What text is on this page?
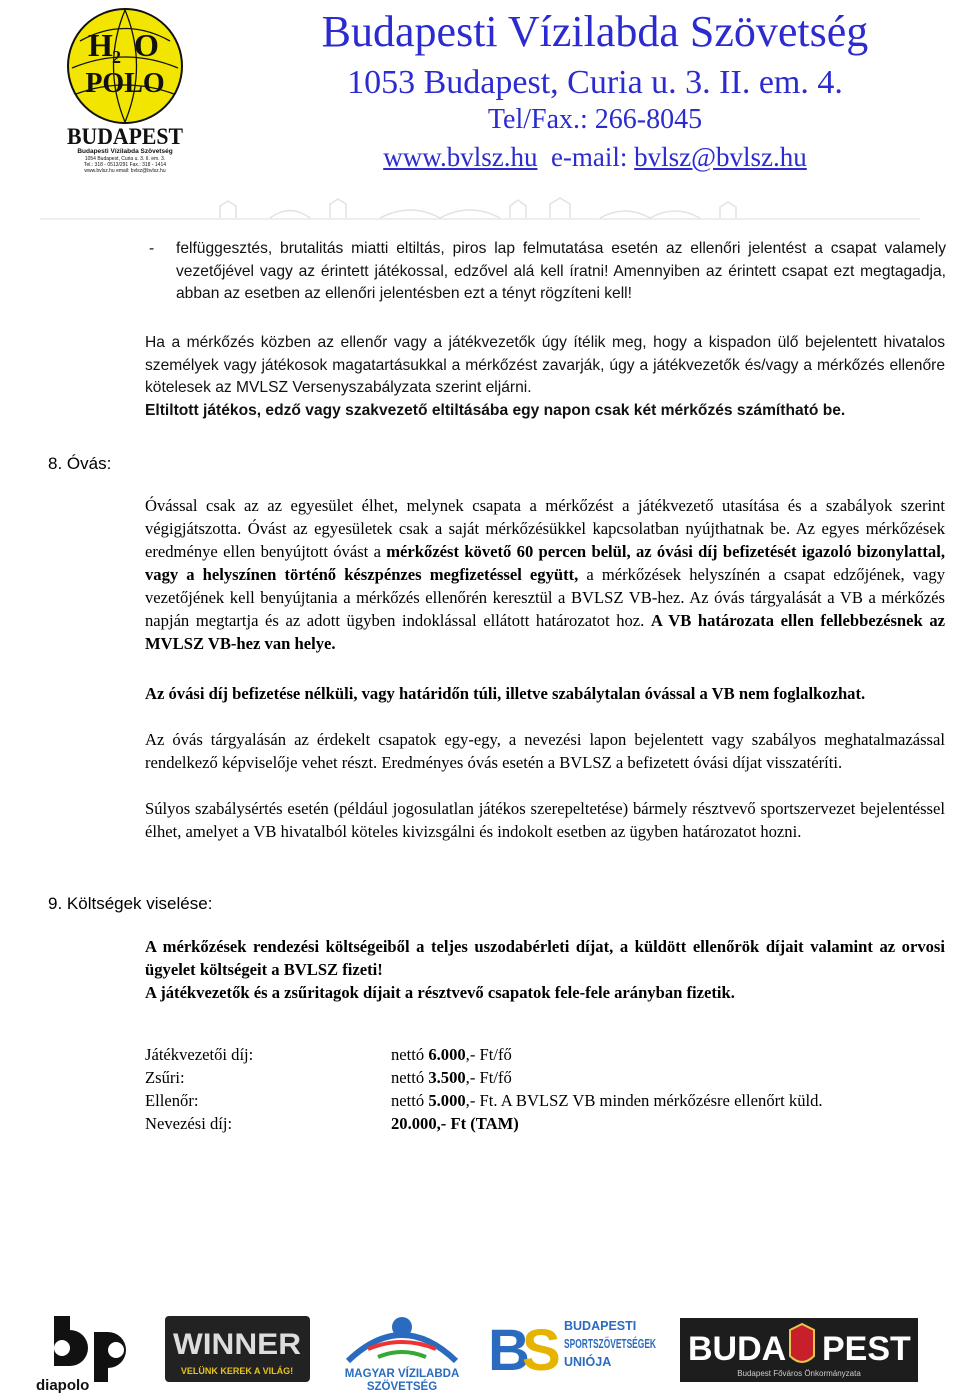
H 2 O
POLO
BUDAPEST
Budapesti Vízilabda Szövetség
1054 Budapest, Curia u. 3. II. em. 3.
Tel.: 318 - 0513/291 Fax.: 318 - 1414
www.bvlsz.hu email: bvlsz@bvlsz.hu
Budapesti Vízilabda Szövetség
1053 Budapest, Curia u. 3. II. em. 4.
Tel/Fax.: 266-8045
www.bvlsz.hu e-mail: bvlsz@bvlsz.hu
- felfüggesztés, brutalitás miatti eltiltás, piros lap felmutatása esetén az ellenőri jelentést a csapat valamely vezetőjével vagy az érintett játékossal, edzővel alá kell íratni! Amennyiben az érintett csapat ezt megtagadja, abban az esetben az ellenőri jelentésben ezt a tényt rögzíteni kell!
Ha a mérkőzés közben az ellenőr vagy a játékvezetők úgy ítélik meg, hogy a kispadon ülő bejelentett hivatalos személyek vagy játékosok magatartásukkal a mérkőzést zavarják, úgy a játékvezetők és/vagy a mérkőzés ellenőre kötelesek az MVLSZ Versenyszabályzata szerint eljárni.
Eltiltott játékos, edző vagy szakvezető eltiltásába egy napon csak két mérkőzés számítható be.
8. Óvás:
Óvással csak az az egyesület élhet, melynek csapata a mérkőzést a játékvezető utasítása és a szabályok szerint végigjátszotta. Óvást az egyesületek csak a saját mérkőzésükkel kapcsolatban nyújthatnak be. Az egyes mérkőzések eredménye ellen benyújtott óvást a mérkőzést követő 60 percen belül, az óvási díj befizetését igazoló bizonylattal, vagy a helyszínen történő készpénzes megfizetéssel együtt, a mérkőzések helyszínén a csapat edzőjének, vagy vezetőjének kell benyújtania a mérkőzés ellenőrén keresztül a BVLSZ VB-hez. Az óvás tárgyalását a VB a mérkőzés napján megtartja és az adott ügyben indoklással ellátott határozatot hoz. A VB határozata ellen fellebbezésnek az MVLSZ VB-hez van helye.
Az óvási díj befizetése nélküli, vagy határidőn túli, illetve szabálytalan óvással a VB nem foglalkozhat.
Az óvás tárgyalásán az érdekelt csapatok egy-egy, a nevezési lapon bejelentett vagy szabályos meghatalmazással rendelkező képviselője vehet részt. Eredményes óvás esetén a BVLSZ a befizetett óvási díjat visszatéríti.
Súlyos szabálysértés esetén (például jogosulatlan játékos szerepeltetése) bármely résztvevő sportszervezet bejelentéssel élhet, amelyet a VB hivatalból köteles kivizsgálni és indokolt esetben az ügyben határozatot hozni.
9. Költségek viselése:
A mérkőzések rendezési költségeiből a teljes uszodabérleti díjat, a küldött ellenőrök díjait valamint az orvosi ügyelet költségeit a BVLSZ fizeti!
A játékvezetők és a zsűritagok díjait a résztvevő csapatok fele-fele arányban fizetik.
Játékvezetői díj:	nettó 6.000,- Ft/fő
Zsűri:	nettó 3.500,- Ft/fő
Ellenőr:	nettó 5.000,- Ft. A BVLSZ VB minden mérkőzésre ellenőrt küld.
Nevezési díj:	20.000,- Ft (TAM)
diapolo
WINNER
VELÜNK KEREK A VILÁG!	MAGYAR VÍZILABDA
SZÖVETSÉG
B
S BUDAPESTI
SPORTSZÖVETSÉGEK
UNIÓJA BUDA PEST
Budapest Főváros Önkormányzata
